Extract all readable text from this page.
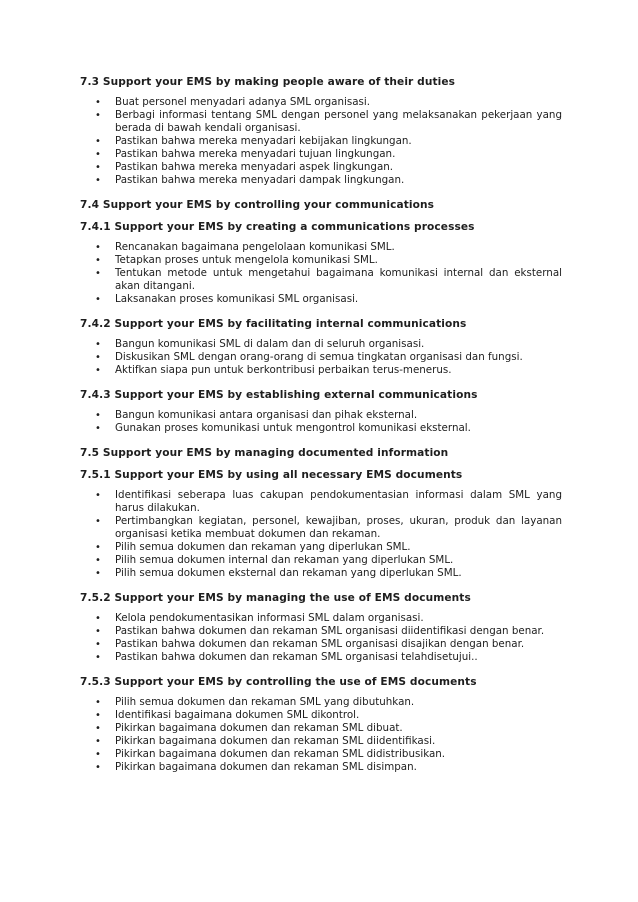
7.3 Support your EMS by making people aware of their duties
• Buat personel menyadari adanya SML organisasi.
• Berbagi informasi tentang SML dengan personel yang melaksanakan pekerjaan yang berada di bawah kendali organisasi.
• Pastikan bahwa mereka menyadari kebijakan lingkungan.
• Pastikan bahwa mereka menyadari tujuan lingkungan.
• Pastikan bahwa mereka menyadari aspek lingkungan.
• Pastikan bahwa mereka menyadari dampak lingkungan.
7.4 Support your EMS by controlling your communications
7.4.1 Support your EMS by creating a communications processes
• Rencanakan bagaimana pengelolaan komunikasi SML.
• Tetapkan proses untuk mengelola komunikasi SML.
• Tentukan metode untuk mengetahui bagaimana komunikasi internal dan eksternal akan ditangani.
• Laksanakan proses komunikasi SML organisasi.
7.4.2 Support your EMS by facilitating internal communications
• Bangun komunikasi SML di dalam dan di seluruh organisasi.
• Diskusikan SML dengan orang-orang di semua tingkatan organisasi dan fungsi.
• Aktifkan siapa pun untuk berkontribusi perbaikan terus-menerus.
7.4.3 Support your EMS by establishing external communications
• Bangun komunikasi antara organisasi dan pihak eksternal.
• Gunakan proses komunikasi untuk mengontrol komunikasi eksternal.
7.5 Support your EMS by managing documented information
7.5.1 Support your EMS by using all necessary EMS documents
• Identifikasi seberapa luas cakupan pendokumentasian informasi dalam SML yang harus dilakukan.
• Pertimbangkan kegiatan, personel, kewajiban, proses, ukuran, produk dan layanan organisasi ketika membuat dokumen dan rekaman.
• Pilih semua dokumen dan rekaman yang diperlukan SML.
• Pilih semua dokumen internal dan rekaman yang diperlukan SML.
• Pilih semua dokumen eksternal dan rekaman yang diperlukan SML.
7.5.2 Support your EMS by managing the use of EMS documents
• Kelola pendokumentasikan informasi SML dalam organisasi.
• Pastikan bahwa dokumen dan rekaman SML organisasi diidentifikasi dengan benar.
• Pastikan bahwa dokumen dan rekaman SML organisasi disajikan dengan benar.
• Pastikan bahwa dokumen dan rekaman SML organisasi telahdisetujui..
7.5.3 Support your EMS by controlling the use of EMS documents
• Pilih semua dokumen dan rekaman SML yang dibutuhkan.
• Identifikasi bagaimana dokumen SML dikontrol.
• Pikirkan bagaimana dokumen dan rekaman SML dibuat.
• Pikirkan bagaimana dokumen dan rekaman SML diidentifikasi.
• Pikirkan bagaimana dokumen dan rekaman SML didistribusikan.
• Pikirkan bagaimana dokumen dan rekaman SML disimpan.
